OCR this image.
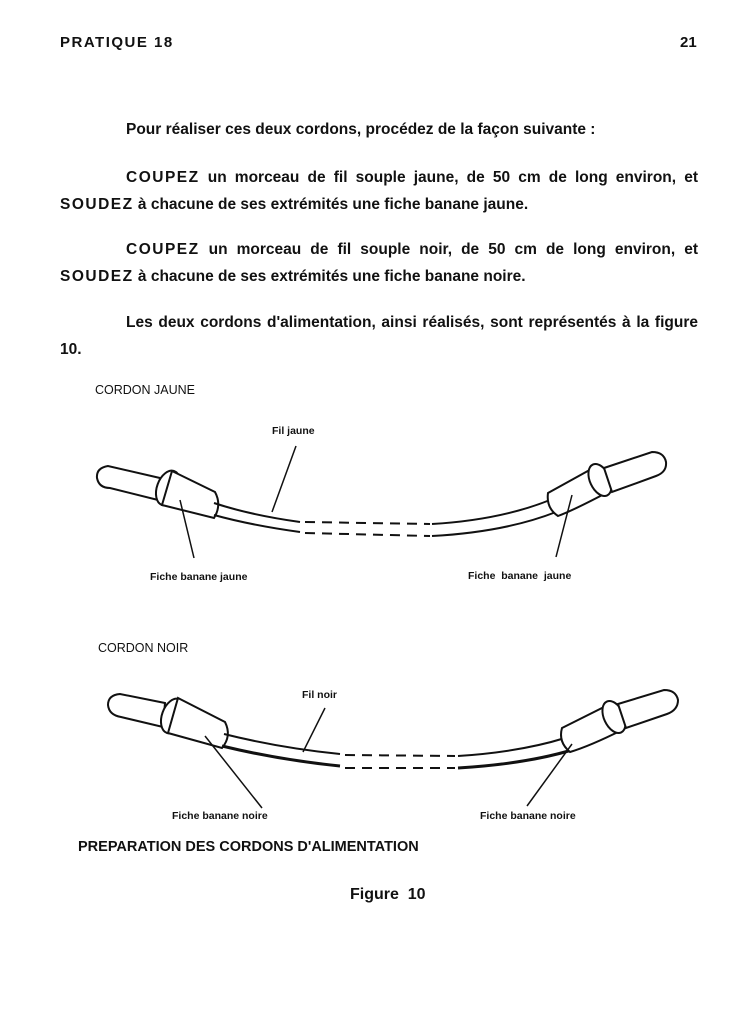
PRATIQUE 18	21
Pour réaliser ces deux cordons, procédez de la façon suivante :
COUPEZ un morceau de fil souple jaune, de 50 cm de long environ, et SOUDEZ à chacune de ses extrémités une fiche banane jaune.
COUPEZ un morceau de fil souple noir, de 50 cm de long environ, et SOUDEZ à chacune de ses extrémités une fiche banane noire.
Les deux cordons d'alimentation, ainsi réalisés, sont représentés à la figure 10.
CORDON JAUNE
Fil jaune
Fiche banane jaune	Fiche  banane  jaune
CORDON NOIR
Fil noir
Fiche banane noire	Fiche banane noire
PREPARATION DES CORDONS D'ALIMENTATION
Figure  10
